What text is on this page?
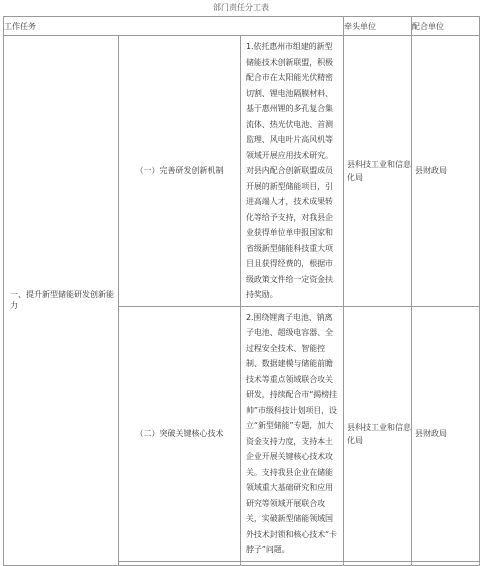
部门责任分工表
工作任务			牵头单位	配合单位
一、提升新型储能研发创新能力	（一）完善研发创新机制	1.依托惠州市组建的新型储能技术创新联盟，积极配合市在太阳能光伏精密切割、锂电池隔膜材料、基于惠州锂的多孔复合集流体、热光伏电池、首测监理、风电叶片高风机等领域开展应用技术研究。对县内配合创新联盟成员开展的新型储能项目，引进高端人才，技术成果转化等给予支持，对我县企业获得单位单申报国家和省级新型储能科技重大项目且获得经费的，根据市级政策文件给一定资金扶持奖励。	县科技工业和信息化局	县财政局
	（二）突破关键核心技术	2.围绕锂离子电池、钠离子电池、超级电容器、全过程安全技术、智能控制、数据建模与储能前瞻技术等重点领域联合攻关研发，持续配合市“揭榜挂帅”市级科技计划项目，设立“新型储能”专题，加大资金支持力度，支持本土企业开展关键核心技术攻关。支持我县企业在储能领域重大基础研究和应用研究等领域开展联合攻关，实破新型储能领域国外技术封锁和核心技术“卡脖子”问题。	县科技工业和信息化局	县财政局
